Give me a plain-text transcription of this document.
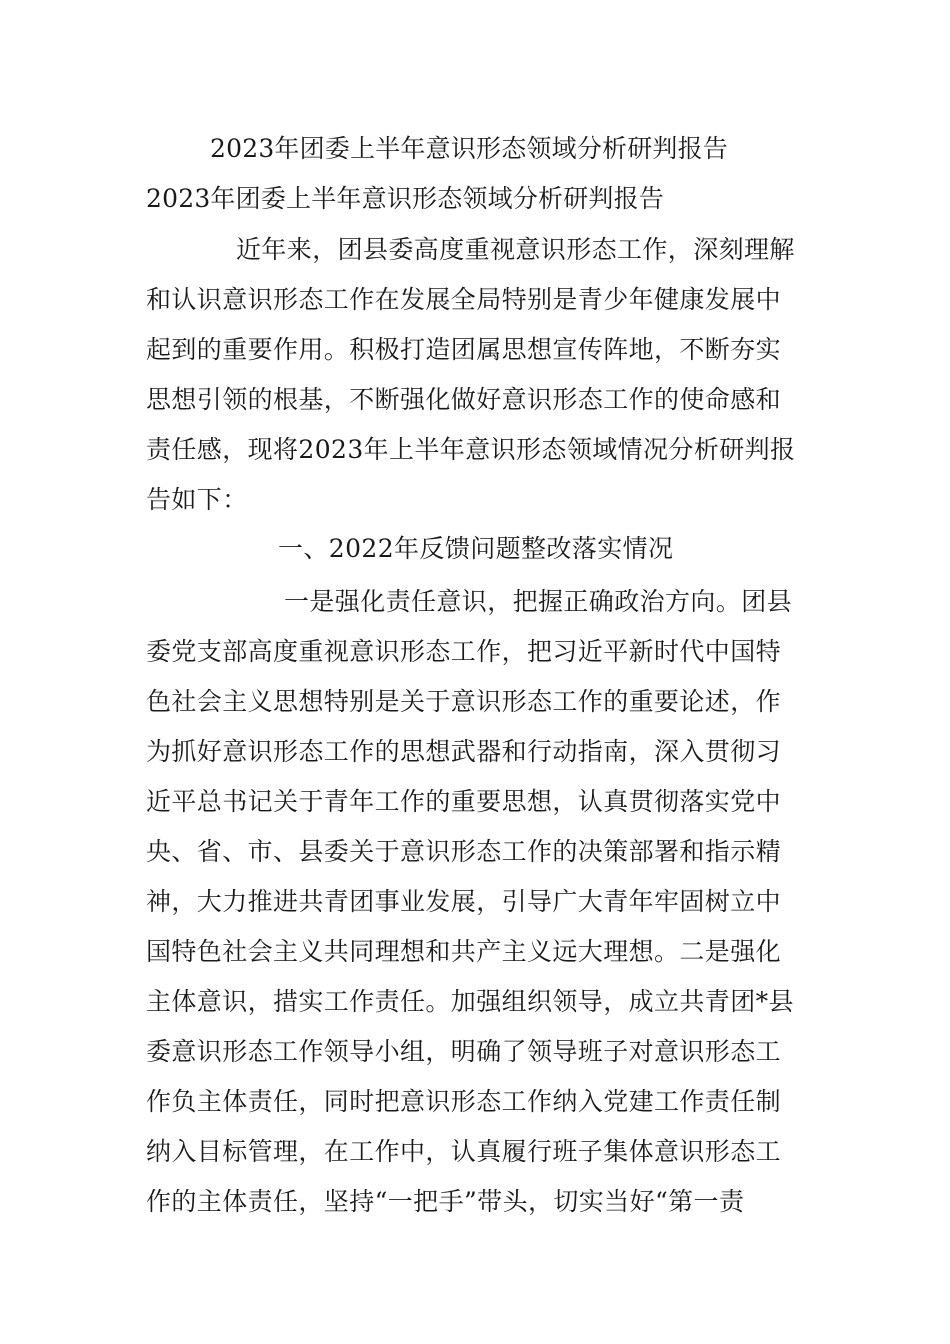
2023年团委上半年意识形态领域分析研判报告
2023年团委上半年意识形态领域分析研判报告
近年来，团县委高度重视意识形态工作，深刻理解
和认识意识形态工作在发展全局特别是青少年健康发展中
起到的重要作用。积极打造团属思想宣传阵地，不断夯实
思想引领的根基，不断强化做好意识形态工作的使命感和
责任感，现将2023年上半年意识形态领域情况分析研判报
告如下：
一、2022年反馈问题整改落实情况
一是强化责任意识，把握正确政治方向。团县
委党支部高度重视意识形态工作，把习近平新时代中国特
色社会主义思想特别是关于意识形态工作的重要论述，作
为抓好意识形态工作的思想武器和行动指南，深入贯彻习
近平总书记关于青年工作的重要思想，认真贯彻落实党中
央、省、市、县委关于意识形态工作的决策部署和指示精
神，大力推进共青团事业发展，引导广大青年牢固树立中
国特色社会主义共同理想和共产主义远大理想。二是强化
主体意识，措实工作责任。加强组织领导，成立共青团*县
委意识形态工作领导小组，明确了领导班子对意识形态工
作负主体责任，同时把意识形态工作纳入党建工作责任制
纳入目标管理，在工作中，认真履行班子集体意识形态工
作的主体责任，坚持“一把手”带头，切实当好“第一责
